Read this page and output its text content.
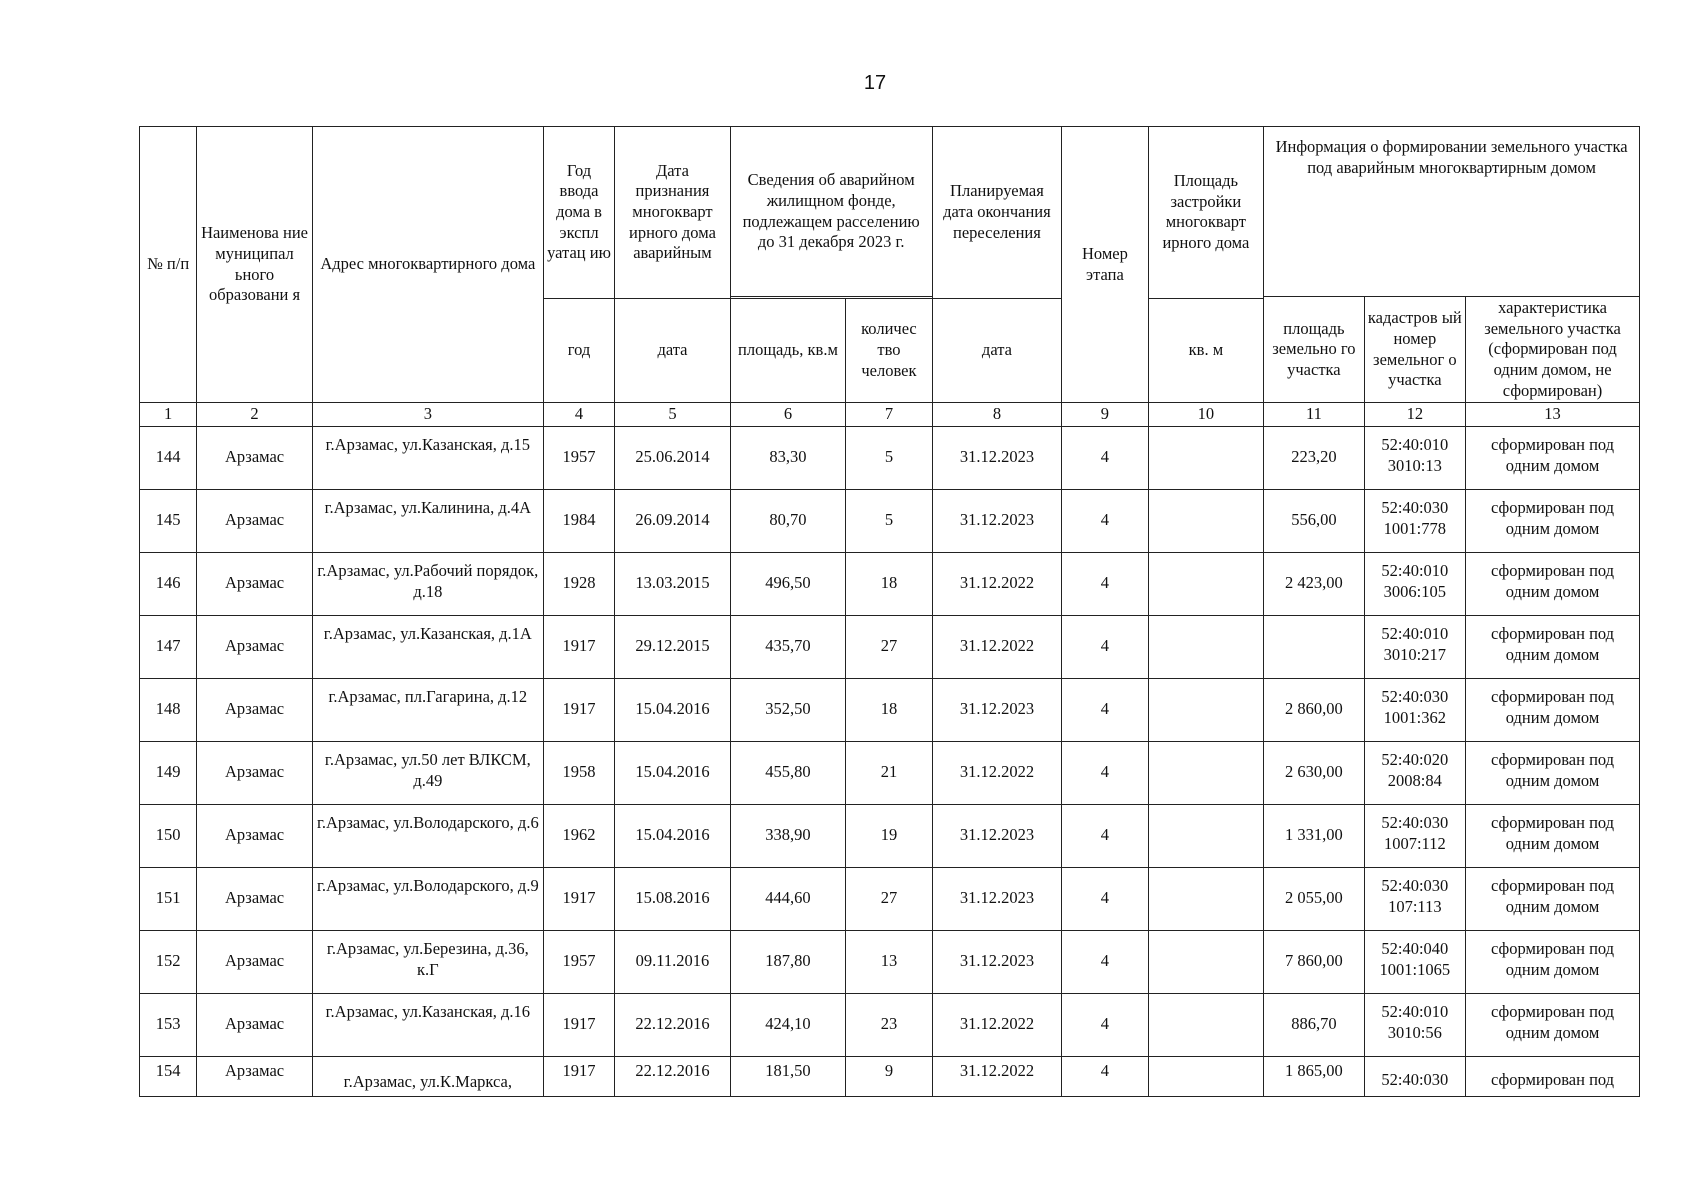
17
№ п/п	Наименова ние муниципал ьного образовани я	Адрес многоквартирного дома	Год ввода дома в экспл уатац ию	Дата признания многокварт ирного дома аварийным	Сведения об аварийном жилищном фонде, подлежащем расселению до 31 декабря 2023 г.		Планируемая дата окончания переселения	Номер этапа	Площадь застройки многокварт ирного дома	Информация о формировании земельного участка под аварийным многоквартирным домом		
										площадь земельно го участка	кадастров ый номер земельног о участка	характеристика земельного участка (сформирован под одним домом, не сформирован)
			год	дата	площадь, кв.м	количес тво человек	дата		кв. м			
1	2	3	4	5	6	7	8	9	10	11	12	13
144	Арзамас	г.Арзамас, ул.Казанская, д.15	1957	25.06.2014	83,30	5	31.12.2023	4		223,20	52:40:010 3010:13	сформирован под одним домом
145	Арзамас	г.Арзамас, ул.Калинина, д.4А	1984	26.09.2014	80,70	5	31.12.2023	4		556,00	52:40:030 1001:778	сформирован под одним домом
146	Арзамас	г.Арзамас, ул.Рабочий порядок, д.18	1928	13.03.2015	496,50	18	31.12.2022	4		2 423,00	52:40:010 3006:105	сформирован под одним домом
147	Арзамас	г.Арзамас, ул.Казанская, д.1А	1917	29.12.2015	435,70	27	31.12.2022	4			52:40:010 3010:217	сформирован под одним домом
148	Арзамас	г.Арзамас, пл.Гагарина, д.12	1917	15.04.2016	352,50	18	31.12.2023	4		2 860,00	52:40:030 1001:362	сформирован под одним домом
149	Арзамас	г.Арзамас, ул.50 лет ВЛКСМ, д.49	1958	15.04.2016	455,80	21	31.12.2022	4		2 630,00	52:40:020 2008:84	сформирован под одним домом
150	Арзамас	г.Арзамас, ул.Володарского, д.6	1962	15.04.2016	338,90	19	31.12.2023	4		1 331,00	52:40:030 1007:112	сформирован под одним домом
151	Арзамас	г.Арзамас, ул.Володарского, д.9	1917	15.08.2016	444,60	27	31.12.2023	4		2 055,00	52:40:030 107:113	сформирован под одним домом
152	Арзамас	г.Арзамас, ул.Березина, д.36, к.Г	1957	09.11.2016	187,80	13	31.12.2023	4		7 860,00	52:40:040 1001:1065	сформирован под одним домом
153	Арзамас	г.Арзамас, ул.Казанская, д.16	1917	22.12.2016	424,10	23	31.12.2022	4		886,70	52:40:010 3010:56	сформирован под одним домом
154	Арзамас	г.Арзамас, ул.К.Маркса,	1917	22.12.2016	181,50	9	31.12.2022	4		1 865,00	52:40:030	сформирован под
